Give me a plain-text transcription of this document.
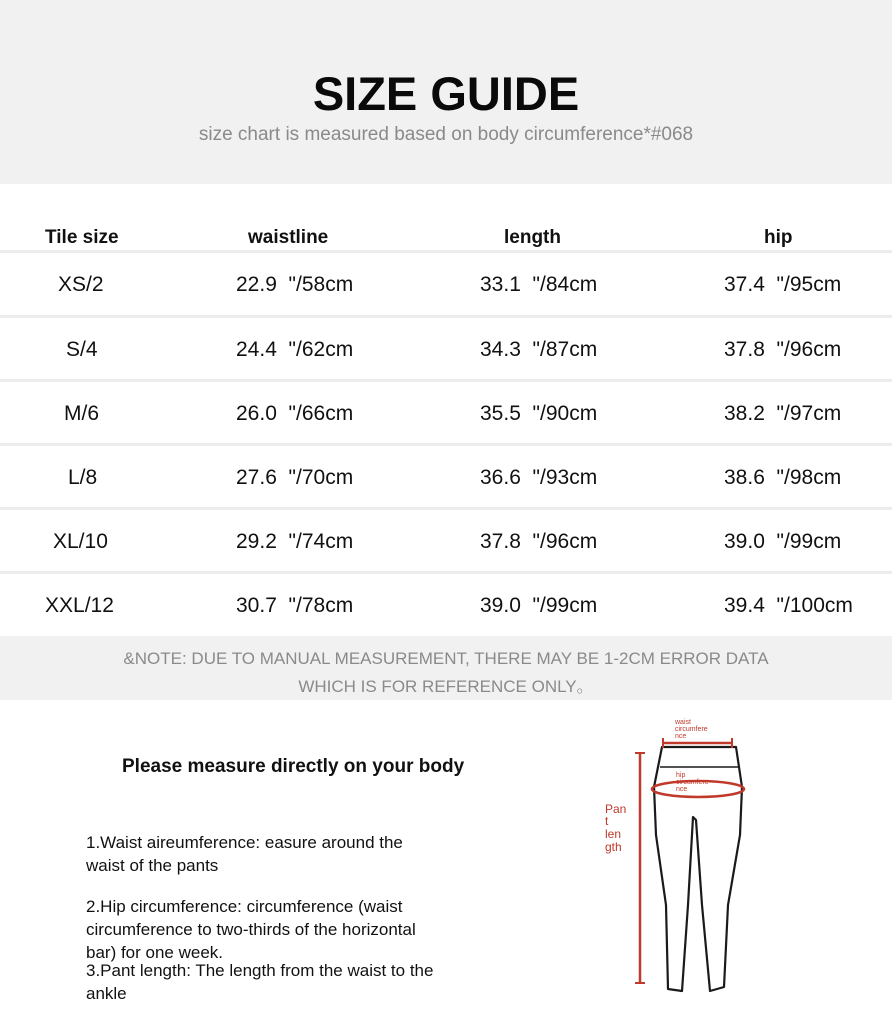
SIZE GUIDE
size chart is measured based on body circumference*#068
Tile size	waistline	length	hip
XS/2	22.9  "/58cm	33.1  "/84cm	37.4  "/95cm
S/4	24.4  "/62cm	34.3  "/87cm	37.8  "/96cm
M/6	26.0  "/66cm	35.5  "/90cm	38.2  "/97cm
L/8	27.6  "/70cm	36.6  "/93cm	38.6  "/98cm
XL/10	29.2  "/74cm	37.8  "/96cm	39.0  "/99cm
XXL/12	30.7  "/78cm	39.0  "/99cm	39.4  "/100cm
&NOTE: DUE TO MANUAL MEASUREMENT, THERE MAY BE 1-2CM ERROR DATA
WHICH IS FOR REFERENCE ONLY。
Please measure directly on your body
1.Waist aireumference: easure around the waist of the pants
2.Hip circumference: circumference (waist circumference to two-thirds of the horizontal bar) for one week.
3.Pant length: The length from the waist to the ankle
waist circumfere nce
hip circumfere nce
Pan t len gth
